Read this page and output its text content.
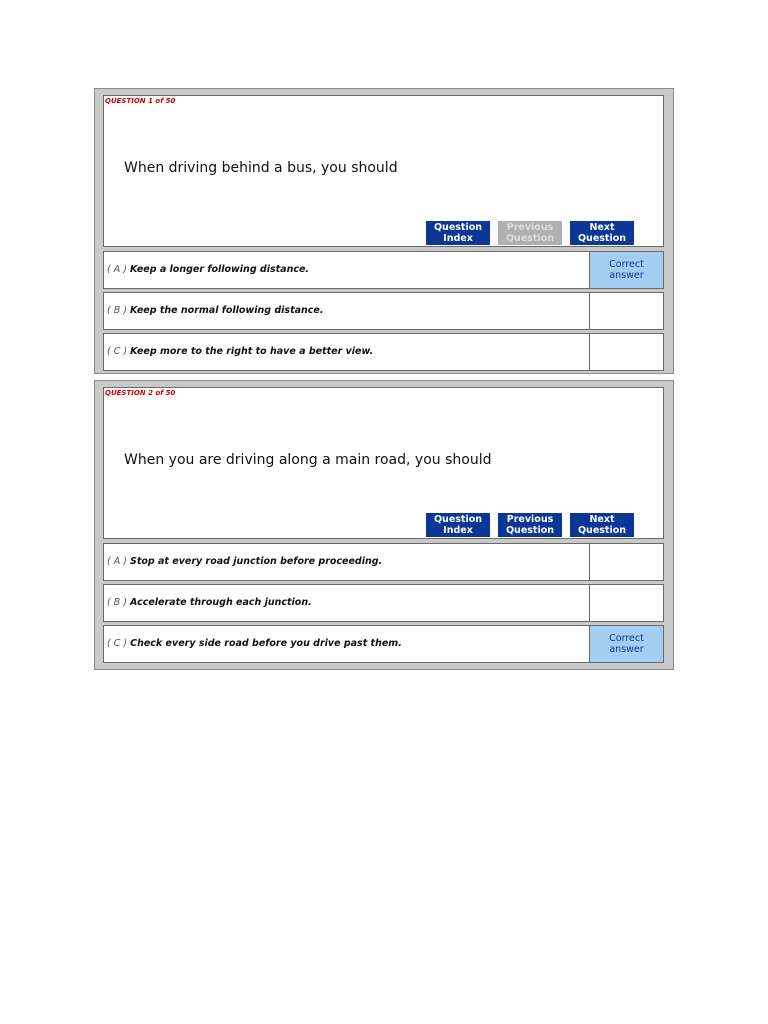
QUESTION 1 of 50
When driving behind a bus, you should
Question
Index
Previous
Question
Next
Question
( A ) Keep a longer following distance.	Correct
answer
( B ) Keep the normal following distance.
( C ) Keep more to the right to have a better view.
QUESTION 2 of 50
When you are driving along a main road, you should
Question
Index
Previous
Question
Next
Question
( A ) Stop at every road junction before proceeding.
( B ) Accelerate through each junction.
( C ) Check every side road before you drive past them.	Correct
answer
